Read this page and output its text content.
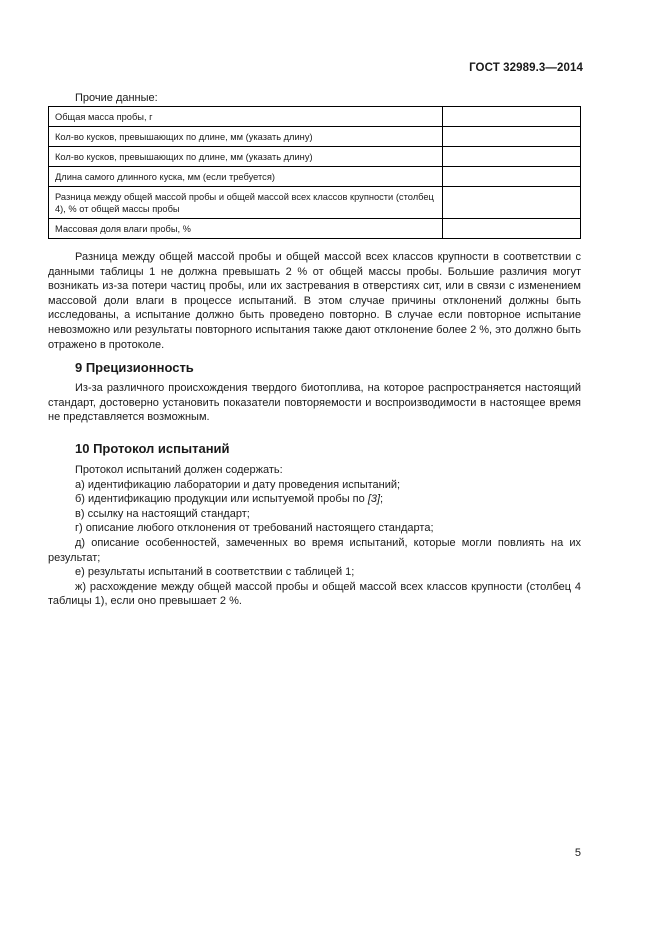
ГОСТ 32989.3—2014
Прочие данные:
Общая масса пробы, г	
Кол-во кусков, превышающих по длине, мм (указать длину)	
Кол-во кусков, превышающих по длине, мм (указать длину)	
Длина самого длинного куска, мм (если требуется)	
Разница между общей массой пробы и общей массой всех классов крупности (столбец 4), % от общей массы пробы	
Массовая доля влаги пробы, %	
Разница между общей массой пробы и общей массой всех классов крупности в соответствии с данными таблицы 1 не должна превышать 2 % от общей массы пробы. Большие различия могут возникать из-за потери частиц пробы, или их застревания в отверстиях сит, или в связи с изменением массовой доли влаги в процессе испытаний. В этом случае причины отклонений должны быть исследованы, а испытание должно быть проведено повторно. В случае если повторное испытание невозможно или результаты повторного испытания также дают отклонение более 2 %, это должно быть отражено в протоколе.
9 Прецизионность
Из-за различного происхождения твердого биотоплива, на которое распространяется настоящий стандарт, достоверно установить показатели повторяемости и воспроизводимости в настоящее время не представляется возможным.
10 Протокол испытаний
Протокол испытаний должен содержать:
а) идентификацию лаборатории и дату проведения испытаний;
б) идентификацию продукции или испытуемой пробы по [3];
в) ссылку на настоящий стандарт;
г) описание любого отклонения от требований настоящего стандарта;
д) описание особенностей, замеченных во время испытаний, которые могли повлиять на их результат;
е) результаты испытаний в соответствии с таблицей 1;
ж) расхождение между общей массой пробы и общей массой всех классов крупности (столбец 4 таблицы 1), если оно превышает 2 %.
5
